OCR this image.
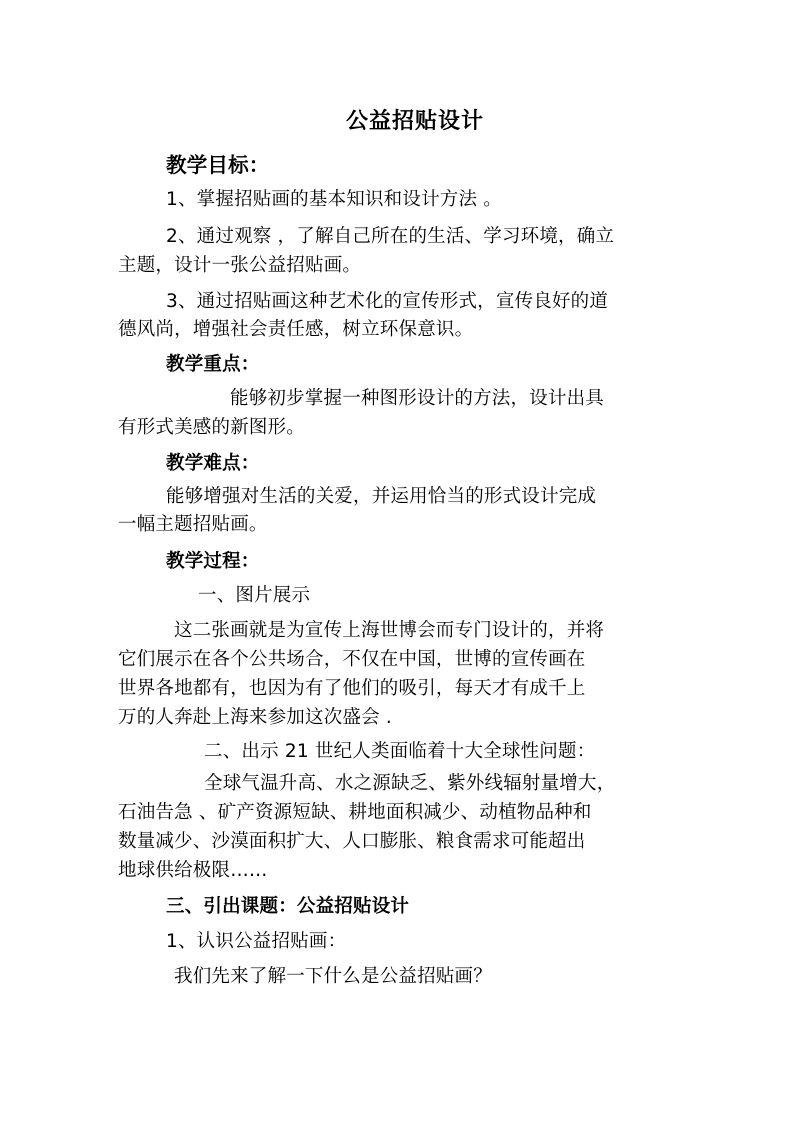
公益招贴设计
教学目标：
1、掌握招贴画的基本知识和设计方法 。
2、通过观察 ，了解自己所在的生活、学习环境，确立
主题，设计一张公益招贴画。
3、通过招贴画这种艺术化的宣传形式，宣传良好的道
德风尚，增强社会责任感，树立环保意识。
教学重点：
能够初步掌握一种图形设计的方法，设计出具
有形式美感的新图形。
教学难点：
能够增强对生活的关爱，并运用恰当的形式设计完成
一幅主题招贴画。
教学过程：
一、图片展示
这二张画就是为宣传上海世博会而专门设计的，并将
它们展示在各个公共场合，不仅在中国，世博的宣传画在
世界各地都有，也因为有了他们的吸引，每天才有成千上
万的人奔赴上海来参加这次盛会 .
二、出示 21 世纪人类面临着十大全球性问题：
全球气温升高、水之源缺乏、紫外线辐射量增大，
石油告急 、矿产资源短缺、耕地面积减少、动植物品种和
数量减少、沙漠面积扩大、人口膨胀、粮食需求可能超出
地球供给极限……
三、引出课题：公益招贴设计
1、认识公益招贴画：
我们先来了解一下什么是公益招贴画？
